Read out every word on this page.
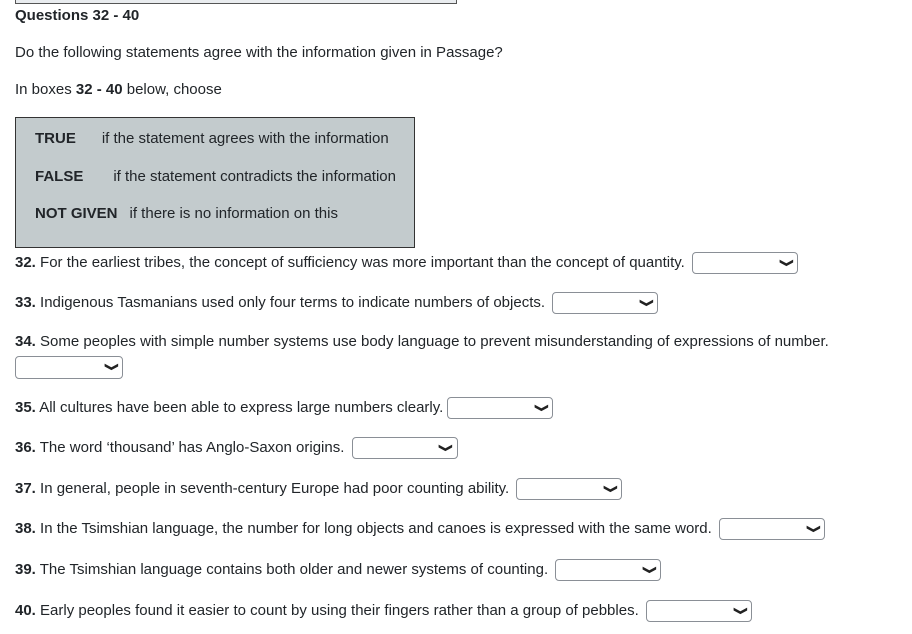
Questions 32 - 40
Do the following statements agree with the information given in Passage?
In boxes 32 - 40 below, choose
TRUE if the statement agrees with the information
FALSE if the statement contradicts the information
NOT GIVEN if there is no information on this
32. For the earliest tribes, the concept of sufficiency was more important than the concept of quantity.	❯
33. Indigenous Tasmanians used only four terms to indicate numbers of objects.	❯
34. Some peoples with simple number systems use body language to prevent misunderstanding of expressions of number.
❯
35. All cultures have been able to express large numbers clearly.	❯
36. The word ‘thousand’ has Anglo-Saxon origins.	❯
37. In general, people in seventh-century Europe had poor counting ability.	❯
38. In the Tsimshian language, the number for long objects and canoes is expressed with the same word.	❯
39. The Tsimshian language contains both older and newer systems of counting.	❯
40. Early peoples found it easier to count by using their fingers rather than a group of pebbles.	❯
